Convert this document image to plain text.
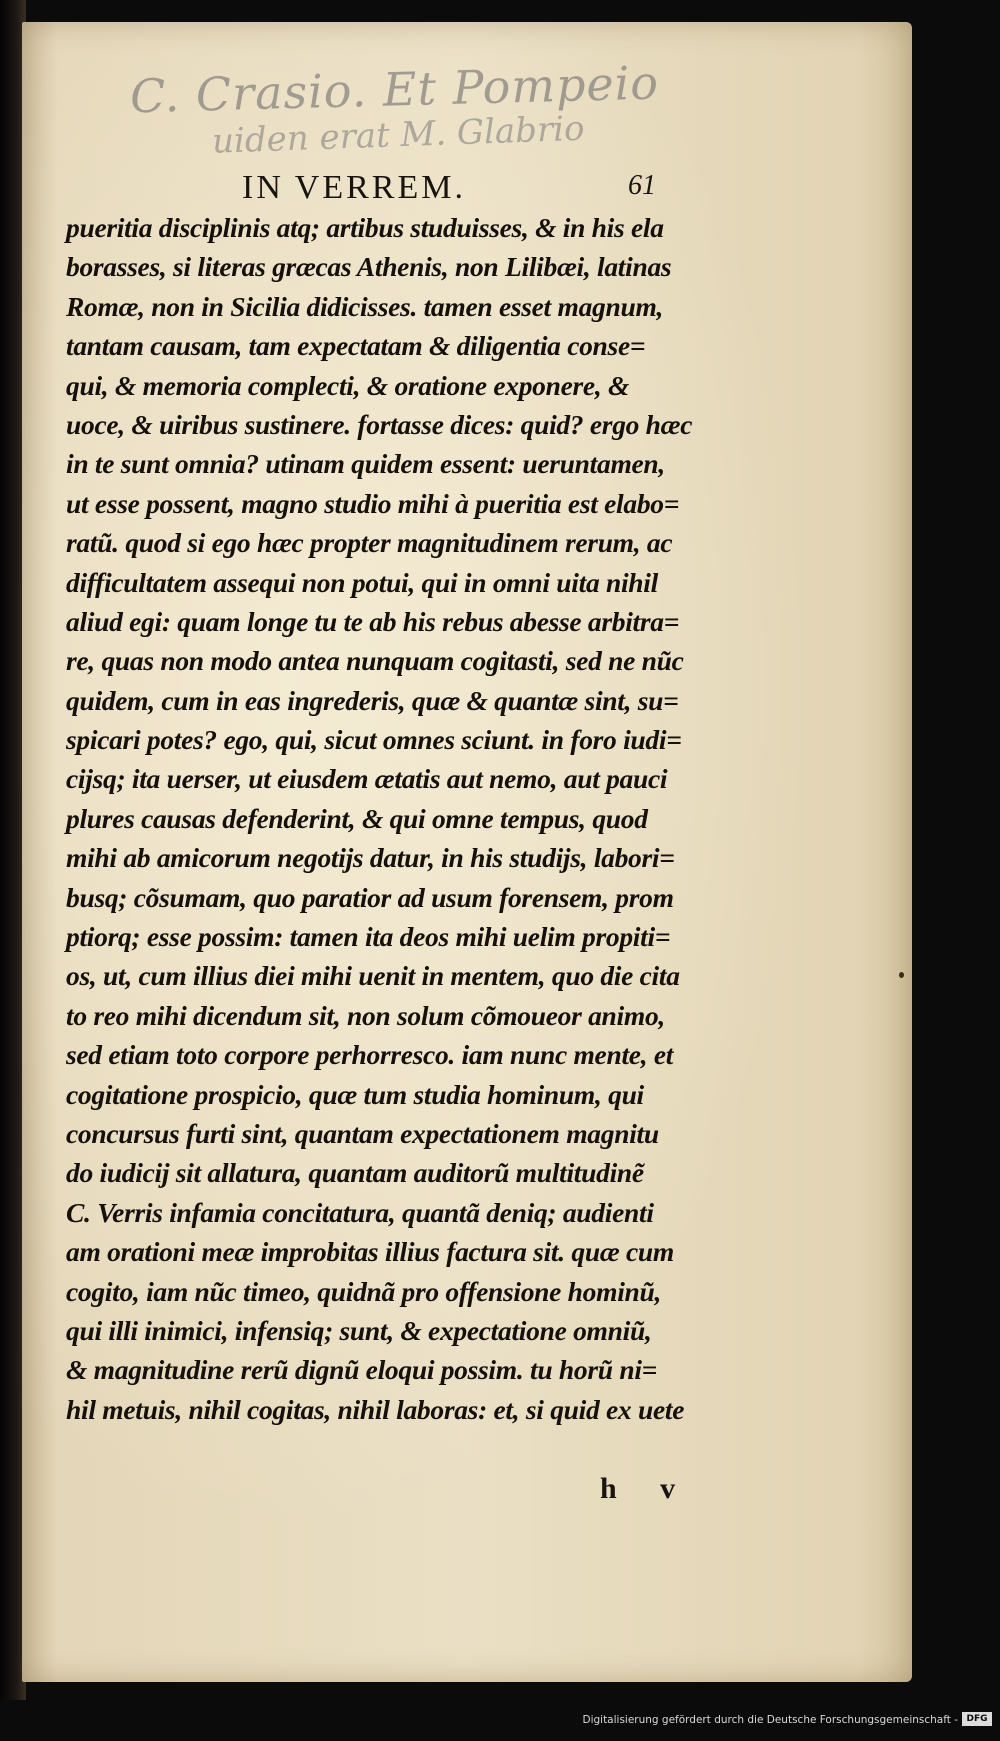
C. Crasio. Et Pompeio
uiden erat M. Glabrio
IN VERREM.	61
pueritia disciplinis atq; artibus studuisses, & in his ela
borasses, si literas græcas Athenis, non Lilibæi, latinas
Romæ, non in Sicilia didicisses. tamen esset magnum,
tantam causam, tam expectatam & diligentia conse=
qui, & memoria complecti, & oratione exponere, &
uoce, & uiribus sustinere. fortasse dices: quid? ergo hæc
in te sunt omnia? utinam quidem essent: ueruntamen,
ut esse possent, magno studio mihi à pueritia est elabo=
ratũ. quod si ego hæc propter magnitudinem rerum, ac
difficultatem assequi non potui, qui in omni uita nihil
aliud egi: quam longe tu te ab his rebus abesse arbitra=
re, quas non modo antea nunquam cogitasti, sed ne nũc
quidem, cum in eas ingrederis, quæ & quantæ sint, su=
spicari potes? ego, qui, sicut omnes sciunt. in foro iudi=
cijsq; ita uerser, ut eiusdem ætatis aut nemo, aut pauci
plures causas defenderint, & qui omne tempus, quod
mihi ab amicorum negotijs datur, in his studijs, labori=
busq; cõsumam, quo paratior ad usum forensem, prom
ptiorq; esse possim: tamen ita deos mihi uelim propiti=
os, ut, cum illius diei mihi uenit in mentem, quo die cita
to reo mihi dicendum sit, non solum cõmoueor animo,
sed etiam toto corpore perhorresco. iam nunc mente, et
cogitatione prospicio, quæ tum studia hominum, qui
concursus furti sint, quantam expectationem magnitu
do iudicij sit allatura, quantam auditorũ multitudinẽ
C. Verris infamia concitatura, quantã deniq; audienti
am orationi meæ improbitas illius factura sit. quæ cum
cogito, iam nũc timeo, quidnã pro offensione hominũ,
qui illi inimici, infensiq; sunt, & expectatione omniũ,
& magnitudine rerũ dignũ eloqui possim. tu horũ ni=
hil metuis, nihil cogitas, nihil laboras: et, si quid ex uete
h v
Digitalisierung gefördert durch die Deutsche Forschungsgemeinschaft - DFG
